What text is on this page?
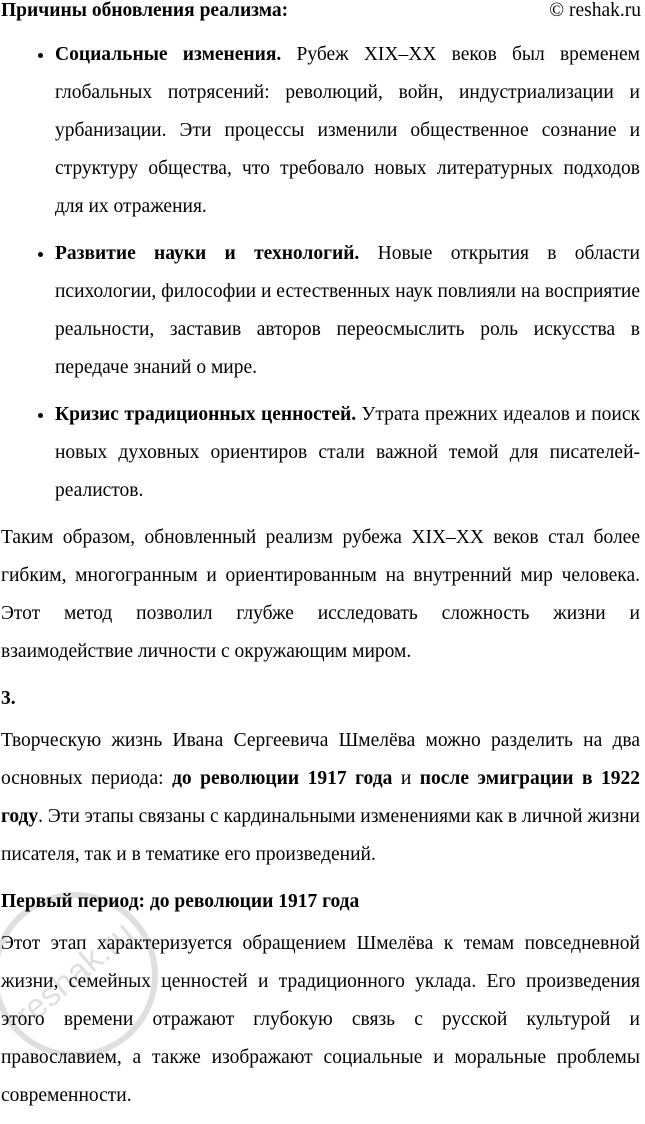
Причины обновления реализма:	© reshak.ru
• Социальные изменения. Рубеж XIX–XX веков был временем глобальных потрясений: революций, войн, индустриализации и урбанизации. Эти процессы изменили общественное сознание и структуру общества, что требовало новых литературных подходов для их отражения.
• Развитие науки и технологий. Новые открытия в области психологии, философии и естественных наук повлияли на восприятие реальности, заставив авторов переосмыслить роль искусства в передаче знаний о мире.
• Кризис традиционных ценностей. Утрата прежних идеалов и поиск новых духовных ориентиров стали важной темой для писателей-реалистов.

Таким образом, обновленный реализм рубежа XIX–XX веков стал более гибким, многогранным и ориентированным на внутренний мир человека. Этот метод позволил глубже исследовать сложность жизни и взаимодействие личности с окружающим миром.

3.

Творческую жизнь Ивана Сергеевича Шмелёва можно разделить на два основных периода: до революции 1917 года и после эмиграции в 1922 году. Эти этапы связаны с кардинальными изменениями как в личной жизни писателя, так и в тематике его произведений.

Первый период: до революции 1917 года

Этот этап характеризуется обращением Шмелёва к темам повседневной жизни, семейных ценностей и традиционного уклада. Его произведения этого времени отражают глубокую связь с русской культурой и православием, а также изображают социальные и моральные проблемы современности.

reshak.ru
